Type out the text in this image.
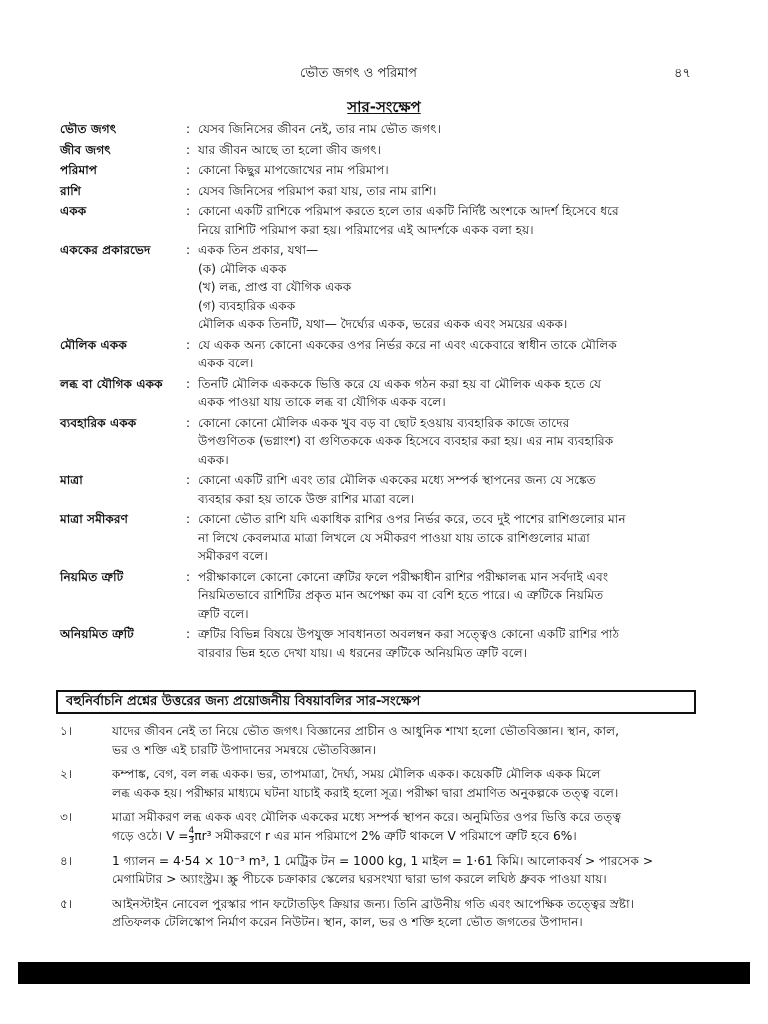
ভৌত জগৎ ও পরিমাপ	৪৭
সার-সংক্ষেপ
ভৌত জগৎ	: যেসব জিনিসের জীবন নেই, তার নাম ভৌত জগৎ।
জীব জগৎ	: যার জীবন আছে তা হলো জীব জগৎ।
পরিমাপ	: কোনো কিছুর মাপজোখের নাম পরিমাপ।
রাশি	: যেসব জিনিসের পরিমাপ করা যায়, তার নাম রাশি।
একক	: কোনো একটি রাশিকে পরিমাপ করতে হলে তার একটি নির্দিষ্ট অংশকে আদর্শ হিসেবে ধরে
নিয়ে রাশিটি পরিমাপ করা হয়। পরিমাপের এই আদর্শকে একক বলা হয়।
এককের প্রকারভেদ	: একক তিন প্রকার, যথা—
(ক) মৌলিক একক
(খ) লব্ধ, প্রাপ্ত বা যৌগিক একক
(গ) ব্যবহারিক একক
মৌলিক একক তিনটি, যথা— দৈর্ঘ্যের একক, ভরের একক এবং সময়ের একক।
মৌলিক একক	: যে একক অন্য কোনো এককের ওপর নির্ভর করে না এবং একেবারে স্বাধীন তাকে মৌলিক
একক বলে।
লব্ধ বা যৌগিক একক	: তিনটি মৌলিক একককে ভিত্তি করে যে একক গঠন করা হয় বা মৌলিক একক হতে যে
একক পাওয়া যায় তাকে লব্ধ বা যৌগিক একক বলে।
ব্যবহারিক একক	: কোনো কোনো মৌলিক একক খুব বড় বা ছোট হওয়ায় ব্যবহারিক কাজে তাদের
উপগুণিতক (ভগ্নাংশ) বা গুণিতককে একক হিসেবে ব্যবহার করা হয়। এর নাম ব্যবহারিক
একক।
মাত্রা	: কোনো একটি রাশি এবং তার মৌলিক এককের মধ্যে সম্পর্ক স্থাপনের জন্য যে সঙ্কেত
ব্যবহার করা হয় তাকে উক্ত রাশির মাত্রা বলে।
মাত্রা সমীকরণ	: কোনো ভৌত রাশি যদি একাধিক রাশির ওপর নির্ভর করে, তবে দুই পাশের রাশিগুলোর মান
না লিখে কেবলমাত্র মাত্রা লিখলে যে সমীকরণ পাওয়া যায় তাকে রাশিগুলোর মাত্রা
সমীকরণ বলে।
নিয়মিত ত্রুটি	: পরীক্ষাকালে কোনো কোনো ত্রুটির ফলে পরীক্ষাধীন রাশির পরীক্ষালব্ধ মান সর্বদাই এবং
নিয়মিতভাবে রাশিটির প্রকৃত মান অপেক্ষা কম বা বেশি হতে পারে। এ ত্রুটিকে নিয়মিত
ত্রুটি বলে।
অনিয়মিত ত্রুটি	: ত্রুটির বিভিন্ন বিষয়ে উপযুক্ত সাবধানতা অবলম্বন করা সত্ত্বেও কোনো একটি রাশির পাঠ
বারবার ভিন্ন হতে দেখা যায়। এ ধরনের ত্রুটিকে অনিয়মিত ত্রুটি বলে।
বহুনির্বাচনি প্রশ্নের উত্তরের জন্য প্রয়োজনীয় বিষয়াবলির সার-সংক্ষেপ
১।	যাদের জীবন নেই তা নিয়ে ভৌত জগৎ। বিজ্ঞানের প্রাচীন ও আধুনিক শাখা হলো ভৌতবিজ্ঞান। স্থান, কাল,
ভর ও শক্তি এই চারটি উপাদানের সমন্বয়ে ভৌতবিজ্ঞান।
২।	কম্পাঙ্ক, বেগ, বল লব্ধ একক। ভর, তাপমাত্রা, দৈর্ঘ্য, সময় মৌলিক একক। কয়েকটি মৌলিক একক মিলে
লব্ধ একক হয়। পরীক্ষার মাধ্যমে ঘটনা যাচাই করাই হলো সূত্র। পরীক্ষা দ্বারা প্রমাণিত অনুকল্পকে তত্ত্ব বলে।
৩।	মাত্রা সমীকরণ লব্ধ একক এবং মৌলিক এককের মধ্যে সম্পর্ক স্থাপন করে। অনুমিতির ওপর ভিত্তি করে তত্ত্ব
গড়ে ওঠে। $V = \frac{4}{3} \pi r^3$ সমীকরণে r এর মান পরিমাপে 2% ত্রুটি থাকলে V পরিমাপে ত্রুটি হবে 6%।
৪।	1 গ্যালন = 4·54 × 10⁻³ m³, 1 মেট্রিক টন = 1000 kg, 1 মাইল = 1·61 কিমি। আলোকবর্ষ > পারসেক >
মেগামিটার > অ্যাংস্ট্রম। স্ক্রু পীচকে চক্রাকার স্কেলের ঘরসংখ্যা দ্বারা ভাগ করলে লঘিষ্ঠ ধ্রুবক পাওয়া যায়।
৫।	আইনস্টাইন নোবেল পুরস্কার পান ফটোতড়িৎ ক্রিয়ার জন্য। তিনি ব্রাউনীয় গতি এবং আপেক্ষিক তত্ত্বের স্রষ্টা।
প্রতিফলক টেলিস্কোপ নির্মাণ করেন নিউটন। স্থান, কাল, ভর ও শক্তি হলো ভৌত জগতের উপাদান।
